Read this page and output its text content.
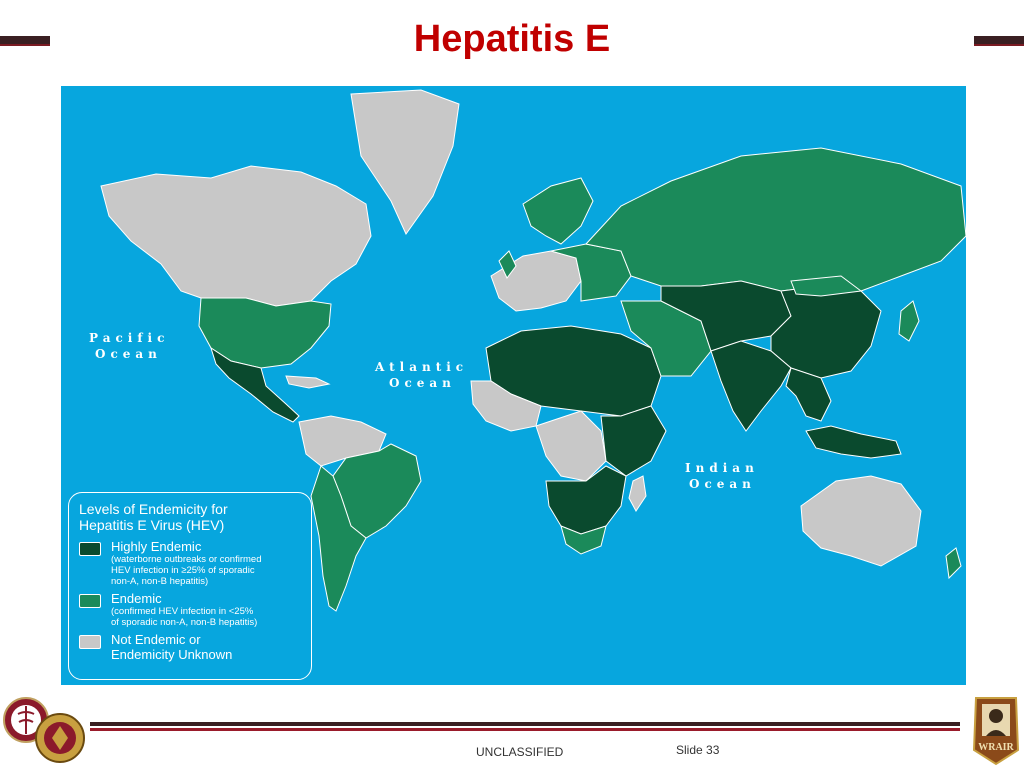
Hepatitis E
Pacific
Ocean
Atlantic
Ocean
Indian
Ocean
Levels of Endemicity for
Hepatitis E Virus (HEV)
Highly Endemic
(waterborne outbreaks or confirmed
HEV infection in ≥25% of sporadic
non-A, non-B hepatitis)
Endemic
(confirmed HEV infection in <25%
of sporadic non-A, non-B hepatitis)
Not Endemic or
Endemicity Unknown
UNCLASSIFIED	Slide 33	WRAIR
